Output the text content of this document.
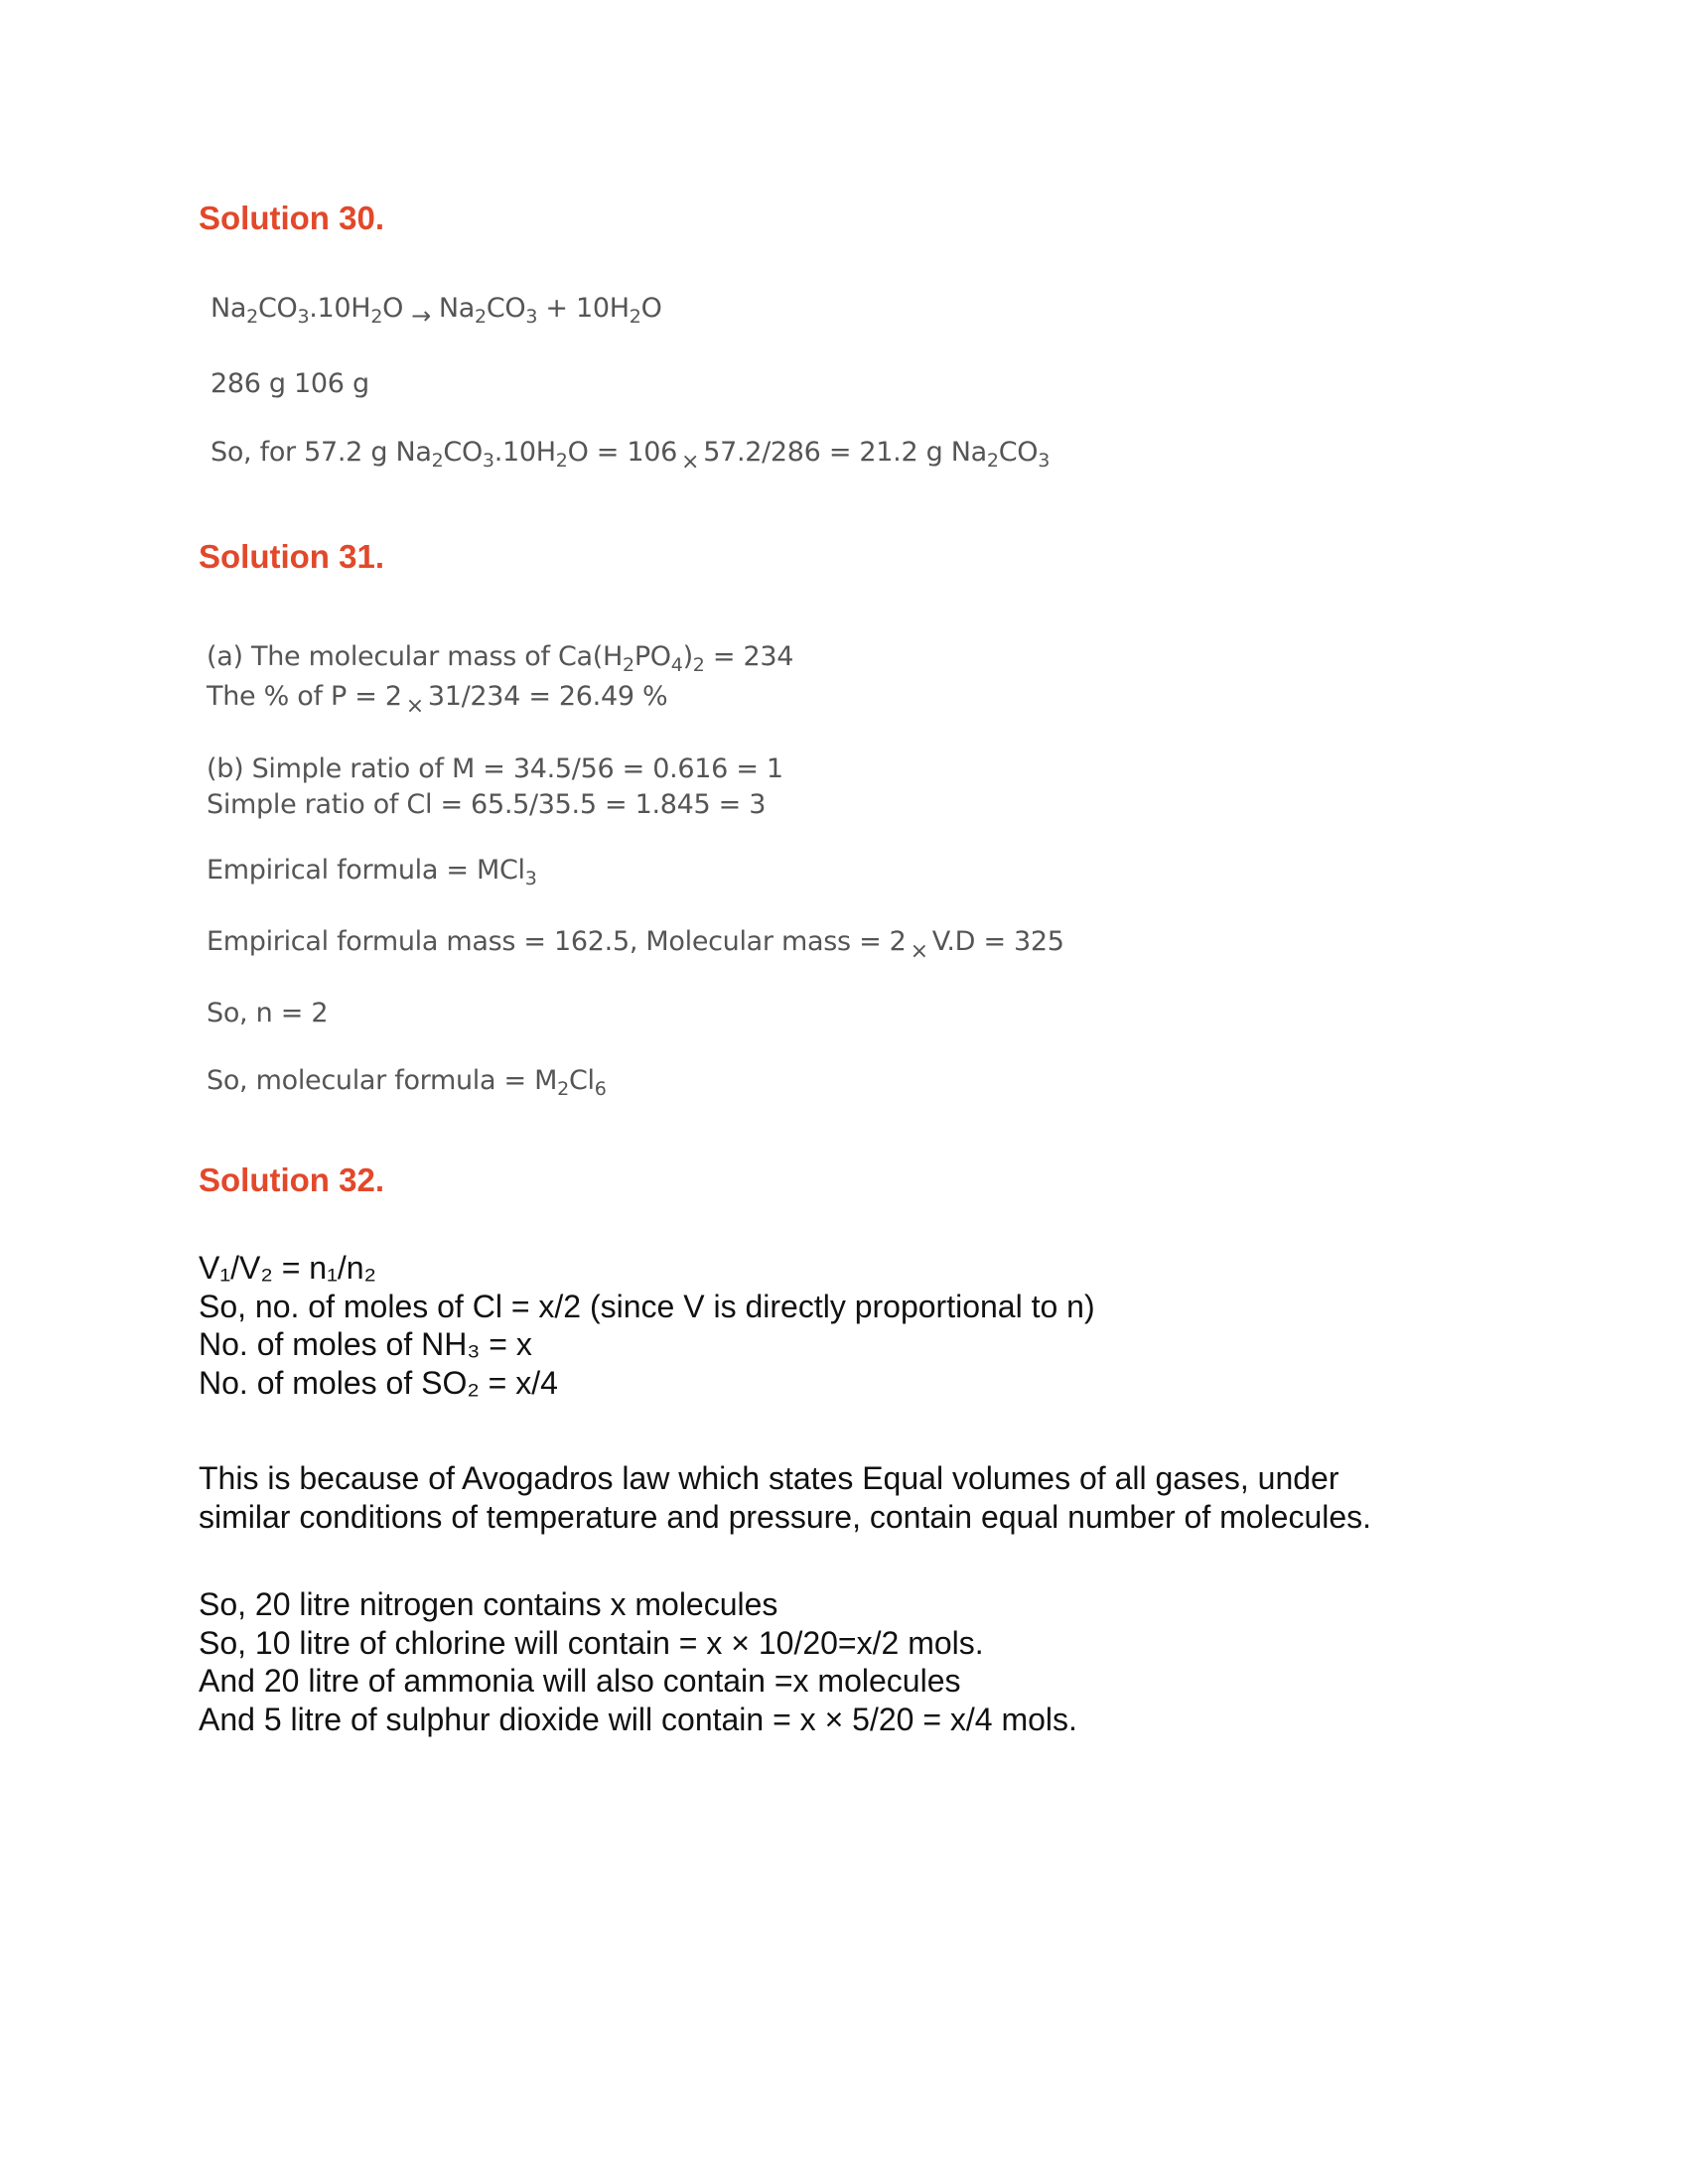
Solution 30.
$Na_2CO_3.10H_2O \to Na_2CO_3 + 10H_2O$
286 g 106 g
So, for 57.2 g $Na_2CO_3.10H_2O = 106$ $_\times$ 57.2/286 = 21.2 g $Na_2CO_3$
Solution 31.
(a) The molecular mass of $Ca(H_2PO_4)_2 = 234$
The % of P = 2 $_\times$ 31/234 = 26.49 %
(b) Simple ratio of M = 34.5/56 = 0.616 = 1
Simple ratio of Cl = 65.5/35.5 = 1.845 = 3
Empirical formula = MCl$_3$
Empirical formula mass = 162.5, Molecular mass = 2 $_\times$ V.D = 325
So, n = 2
So, molecular formula = $M_2Cl_6$
Solution 32.
V₁/V₂ = n₁/n₂
So, no. of moles of Cl = x/2 (since V is directly proportional to n)
No. of moles of NH₃ = x
No. of moles of SO₂ = x/4
This is because of Avogadros law which states Equal volumes of all gases, under
similar conditions of temperature and pressure, contain equal number of molecules.
So, 20 litre nitrogen contains x molecules
So, 10 litre of chlorine will contain = x × 10/20=x/2 mols.
And 20 litre of ammonia will also contain =x molecules
And 5 litre of sulphur dioxide will contain = x × 5/20 = x/4 mols.
